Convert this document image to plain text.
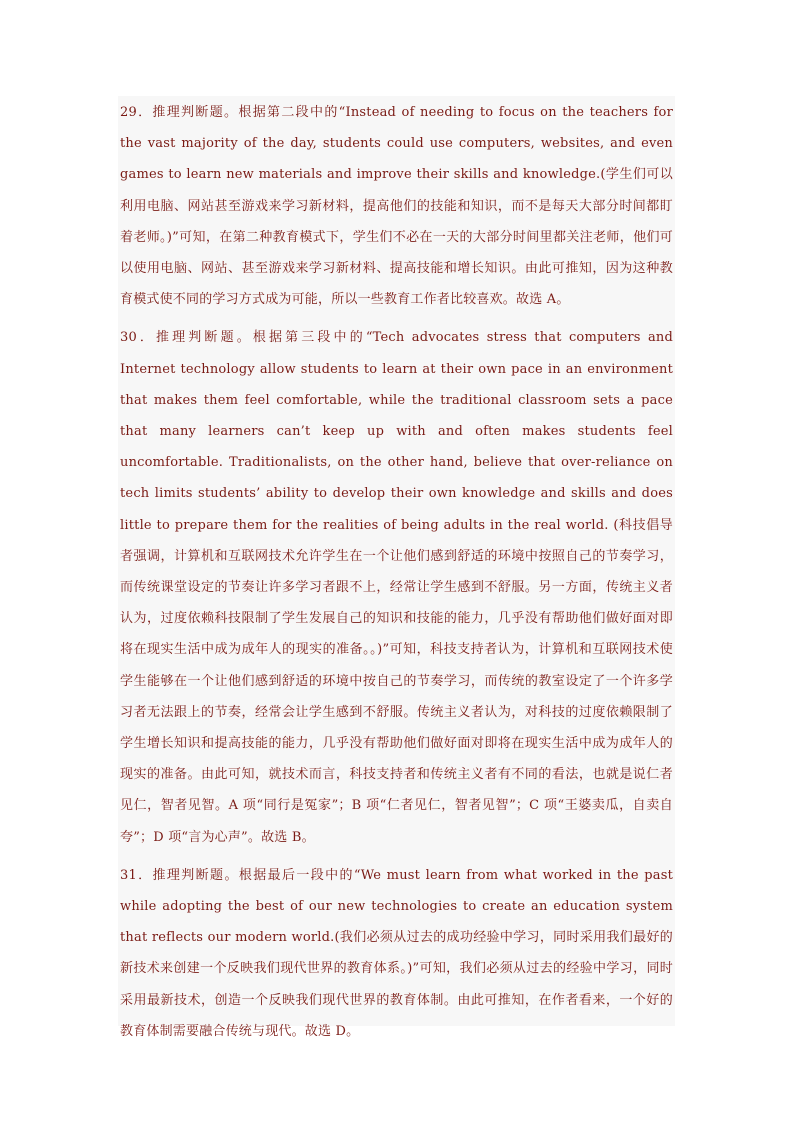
29．推理判断题。根据第二段中的“Instead of needing to focus on the teachers for the vast majority of the day, students could use computers, websites, and even games to learn new materials and improve their skills and knowledge.(学生们可以利用电脑、网站甚至游戏来学习新材料，提高他们的技能和知识，而不是每天大部分时间都盯着老师。)”可知，在第二种教育模式下，学生们不必在一天的大部分时间里都关注老师，他们可以使用电脑、网站、甚至游戏来学习新材料、提高技能和增长知识。由此可推知，因为这种教育模式使不同的学习方式成为可能，所以一些教育工作者比较喜欢。故选 A。

30．推理判断题。根据第三段中的“Tech advocates stress that computers and Internet technology allow students to learn at their own pace in an environment that makes them feel comfortable, while the traditional classroom sets a pace that many learners can’t keep up with and often makes students feel uncomfortable. Traditionalists, on the other hand, believe that over-reliance on tech limits students’ ability to develop their own knowledge and skills and does little to prepare them for the realities of being adults in the real world. (科技倡导者强调，计算机和互联网技术允许学生在一个让他们感到舒适的环境中按照自己的节奏学习，而传统课堂设定的节奏让许多学习者跟不上，经常让学生感到不舒服。另一方面，传统主义者认为，过度依赖科技限制了学生发展自己的知识和技能的能力，几乎没有帮助他们做好面对即将在现实生活中成为成年人的现实的准备。。)”可知，科技支持者认为，计算机和互联网技术使学生能够在一个让他们感到舒适的环境中按自己的节奏学习，而传统的教室设定了一个许多学习者无法跟上的节奏，经常会让学生感到不舒服。传统主义者认为，对科技的过度依赖限制了学生增长知识和提高技能的能力，几乎没有帮助他们做好面对即将在现实生活中成为成年人的现实的准备。由此可知，就技术而言，科技支持者和传统主义者有不同的看法，也就是说仁者见仁，智者见智。A 项“同行是冤家”；B 项“仁者见仁，智者见智”；C 项“王婆卖瓜，自卖自夸”；D 项“言为心声”。故选 B。

31．推理判断题。根据最后一段中的“We must learn from what worked in the past while adopting the best of our new technologies to create an education system that reflects our modern world.(我们必须从过去的成功经验中学习，同时采用我们最好的新技术来创建一个反映我们现代世界的教育体系。)”可知，我们必须从过去的经验中学习，同时采用最新技术，创造一个反映我们现代世界的教育体制。由此可推知，在作者看来，一个好的教育体制需要融合传统与现代。故选 D。
